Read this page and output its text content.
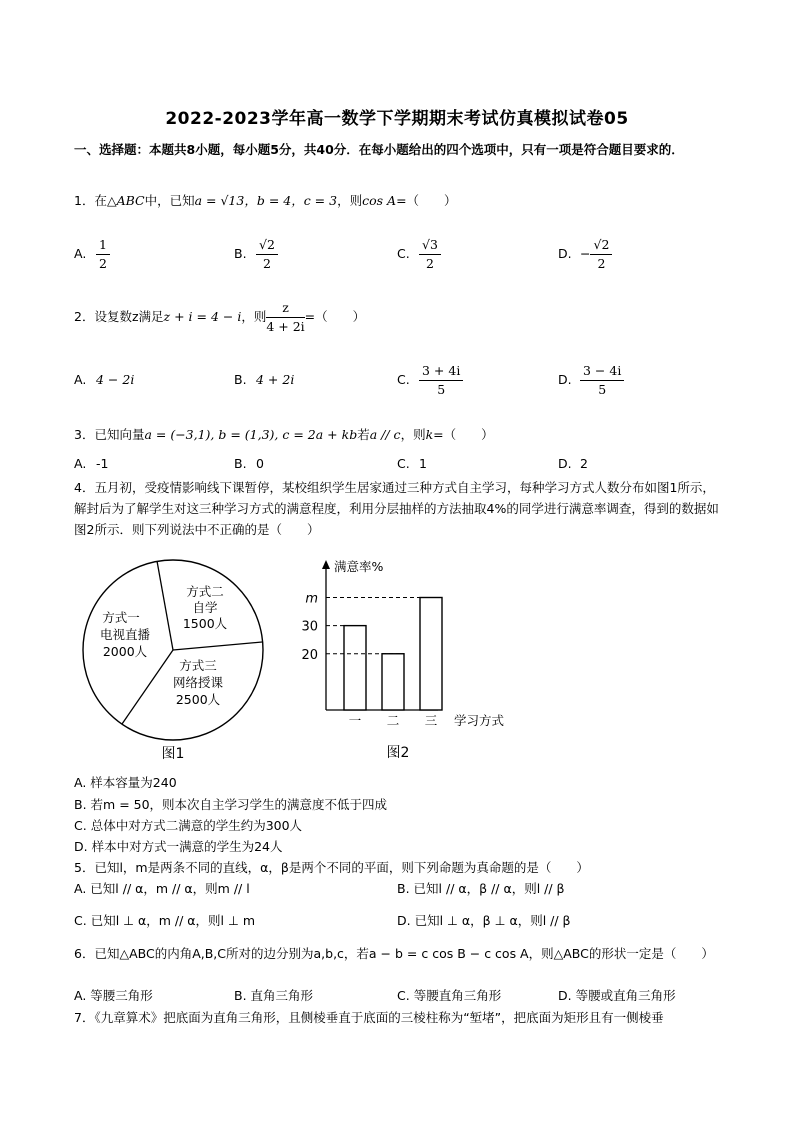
2022-2023学年高一数学下学期期末考试仿真模拟试卷05
一、选择题：本题共8小题，每小题5分，共40分．在每小题给出的四个选项中，只有一项是符合题目要求的．
1．在△ABC中，已知a = √13，b = 4，c = 3，则cos A=（　　）
A. $\frac{1}{2}$	B. $\frac{√2}{2}$	C. $\frac{√3}{2}$	D. − $\frac{√2}{2}$
2．设复数z满足z + i = 4 − i，则 $\frac{z}{4 + 2i}$ =（　　）
A. 4 − 2i	B. 4 + 2i	C. $\frac{3 + 4i}{5}$	D. $\frac{3 - 4i}{5}$
3．已知向量a = (−3,1), b = (1,3), c = 2a + kb若a // c，则k=（　　）
A. -1	B. 0	C. 1	D. 2
4．五月初，受疫情影响线下课暂停，某校组织学生居家通过三种方式自主学习，每种学习方式人数分布如图1所示，解封后为了解学生对这三种学习方式的满意程度，利用分层抽样的方法抽取4%的同学进行满意率调查，得到的数据如图2所示．则下列说法中不正确的是（　　）
方式一
电视直播
2000人
方式二
自学
1500人
方式三
网络授课
2500人
图1
满意率%
学习方式
图2
20
30
m
一 二 三
A. 样本容量为240
B. 若m = 50，则本次自主学习学生的满意度不低于四成
C. 总体中对方式二满意的学生约为300人
D. 样本中对方式一满意的学生为24人
5．已知l，m是两条不同的直线，α，β是两个不同的平面，则下列命题为真命题的是（　　）
A. 已知l // α，m // α，则m // l	B. 已知l // α，β // α，则l // β
C. 已知l ⊥ α，m // α，则l ⊥ m	D. 已知l ⊥ α，β ⊥ α，则l // β
6．已知△ABC的内角A,B,C所对的边分别为a,b,c，若a − b = c cos B − c cos A，则△ABC的形状一定是（　　）
A. 等腰三角形	B. 直角三角形	C. 等腰直角三角形	D. 等腰或直角三角形
7．《九章算术》把底面为直角三角形，且侧棱垂直于底面的三棱柱称为“堑堵”，把底面为矩形且有一侧棱垂
